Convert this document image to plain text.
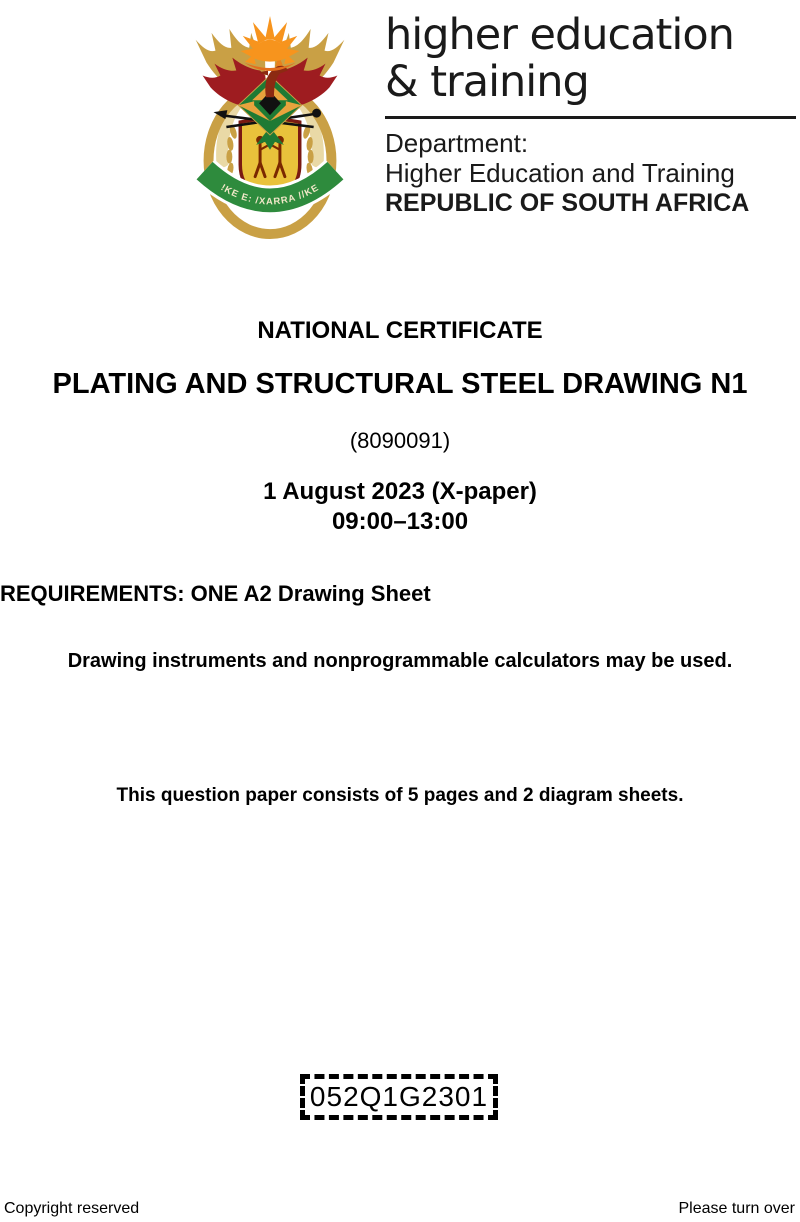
!KE E: /XARRA //KE
higher education
& training
Department:
Higher Education and Training
REPUBLIC OF SOUTH AFRICA
NATIONAL CERTIFICATE
PLATING AND STRUCTURAL STEEL DRAWING N1
(8090091)
1 August 2023 (X-paper)
09:00–13:00
REQUIREMENTS: ONE A2 Drawing Sheet
Drawing instruments and nonprogrammable calculators may be used.
This question paper consists of 5 pages and 2 diagram sheets.
052Q1G2301
Copyright reserved	Please turn over
